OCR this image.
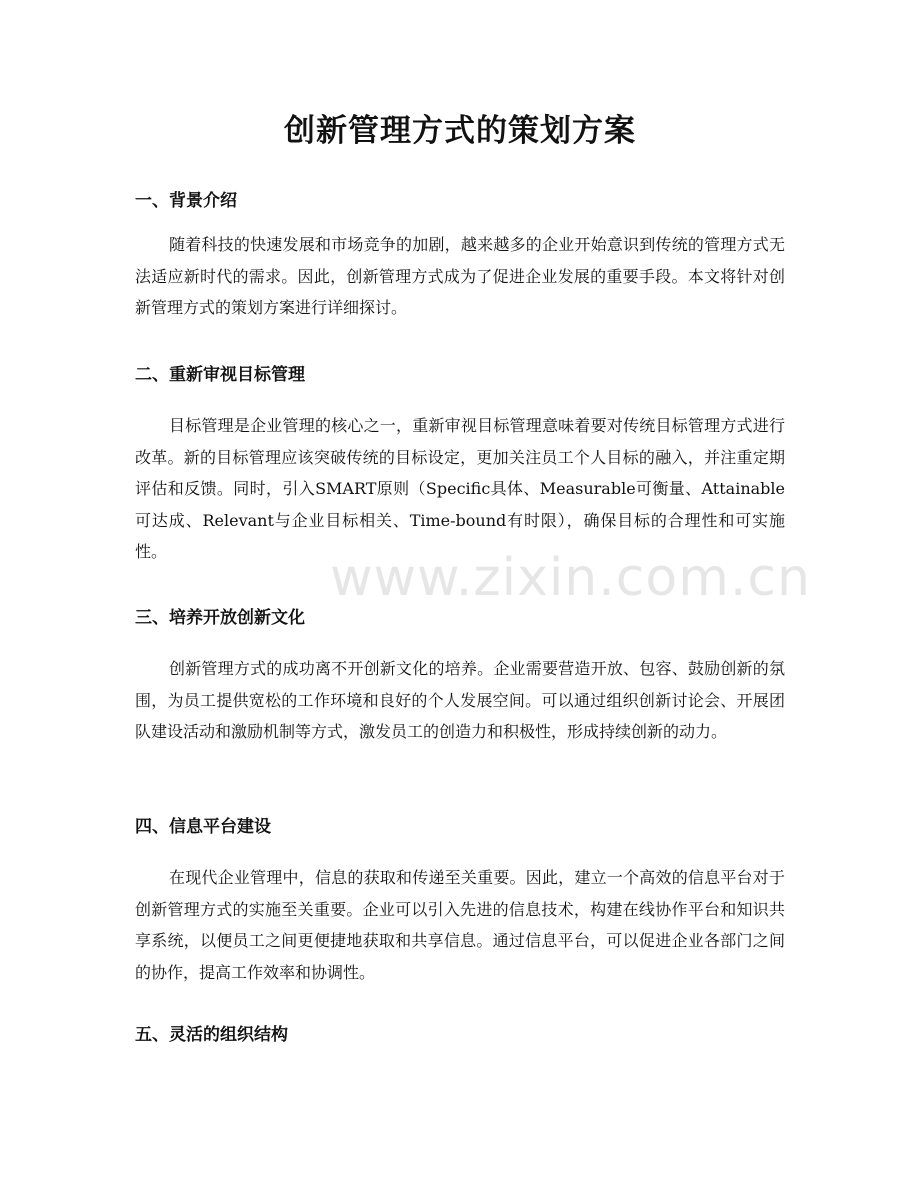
创新管理方式的策划方案
一、背景介绍

随着科技的快速发展和市场竞争的加剧，越来越多的企业开始意识到传统的管理方式无法适应新时代的需求。因此，创新管理方式成为了促进企业发展的重要手段。本文将针对创新管理方式的策划方案进行详细探讨。

二、重新审视目标管理

目标管理是企业管理的核心之一，重新审视目标管理意味着要对传统目标管理方式进行改革。新的目标管理应该突破传统的目标设定，更加关注员工个人目标的融入，并注重定期评估和反馈。同时，引入SMART原则（Specific具体、Measurable可衡量、Attainable可达成、Relevant与企业目标相关、Time-bound有时限），确保目标的合理性和可实施性。

三、培养开放创新文化

创新管理方式的成功离不开创新文化的培养。企业需要营造开放、包容、鼓励创新的氛围，为员工提供宽松的工作环境和良好的个人发展空间。可以通过组织创新讨论会、开展团队建设活动和激励机制等方式，激发员工的创造力和积极性，形成持续创新的动力。

四、信息平台建设

在现代企业管理中，信息的获取和传递至关重要。因此，建立一个高效的信息平台对于创新管理方式的实施至关重要。企业可以引入先进的信息技术，构建在线协作平台和知识共享系统，以便员工之间更便捷地获取和共享信息。通过信息平台，可以促进企业各部门之间的协作，提高工作效率和协调性。

五、灵活的组织结构
www.zixin.com.cn
